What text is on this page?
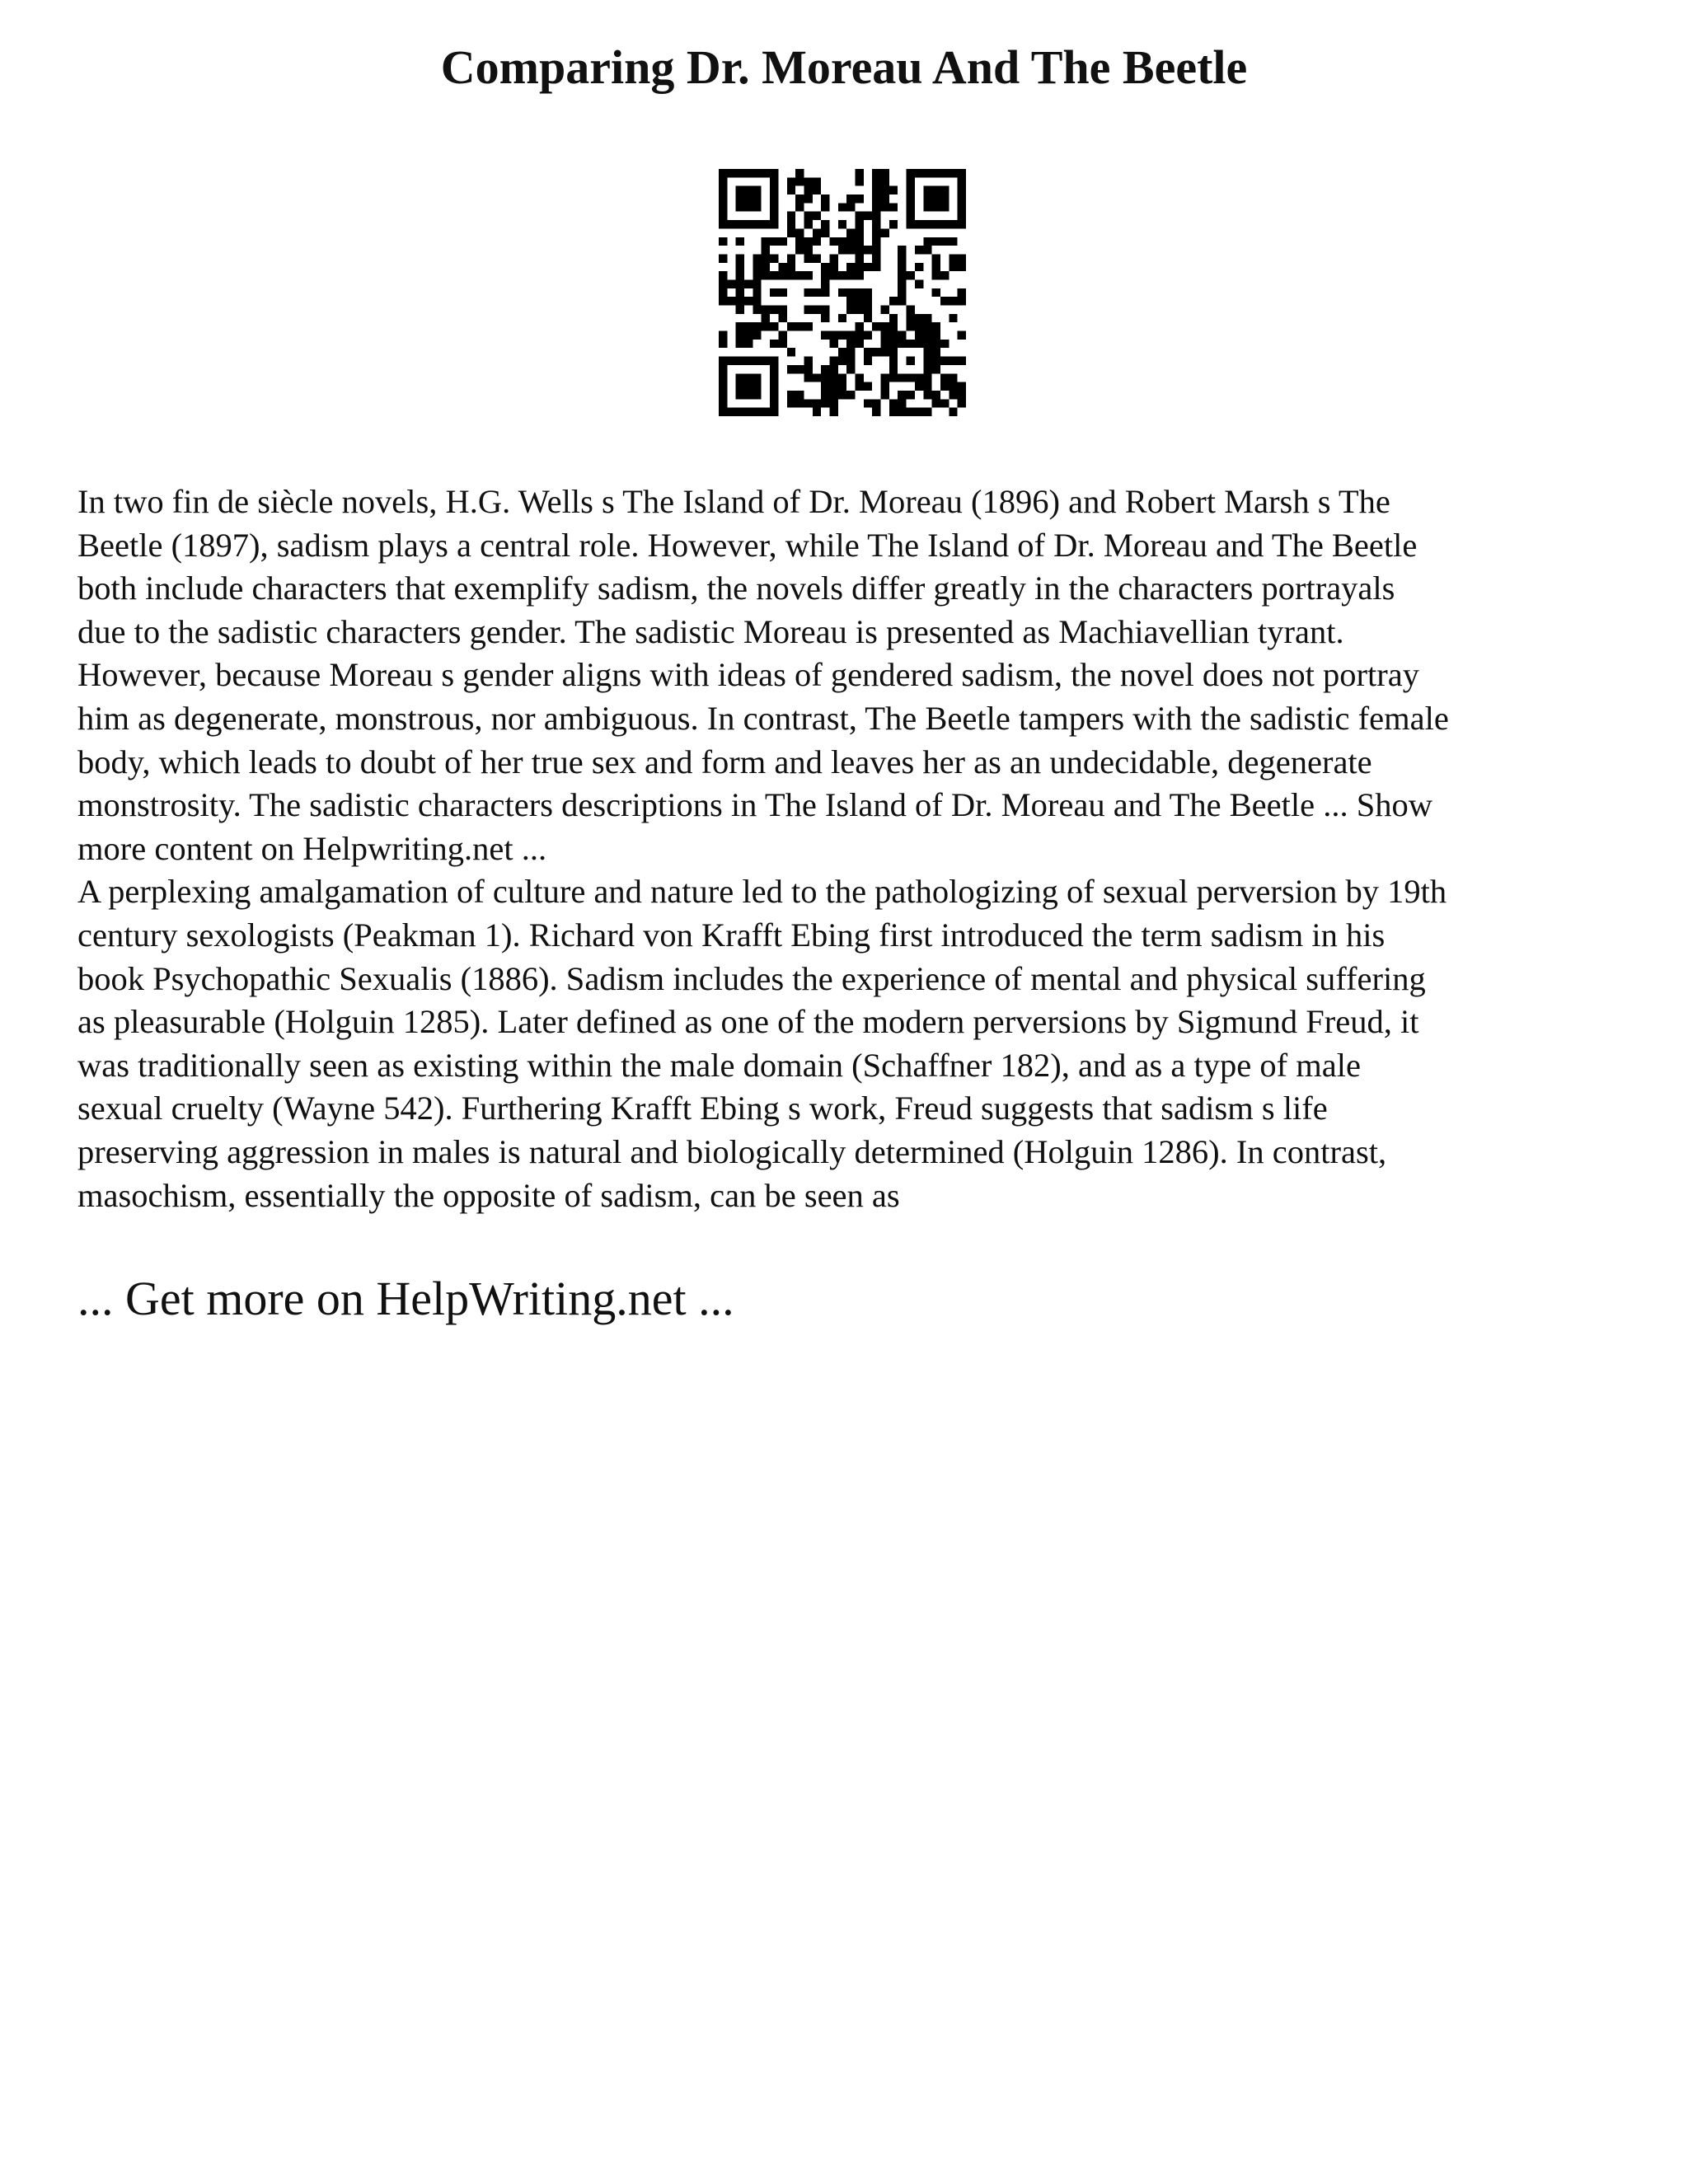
Comparing Dr. Moreau And The Beetle

In two fin de siècle novels, H.G. Wells s The Island of Dr. Moreau (1896) and Robert Marsh s The

Beetle (1897), sadism plays a central role. However, while The Island of Dr. Moreau and The Beetle

both include characters that exemplify sadism, the novels differ greatly in the characters portrayals

due to the sadistic characters gender. The sadistic Moreau is presented as Machiavellian tyrant.

However, because Moreau s gender aligns with ideas of gendered sadism, the novel does not portray

him as degenerate, monstrous, nor ambiguous. In contrast, The Beetle tampers with the sadistic female

body, which leads to doubt of her true sex and form and leaves her as an undecidable, degenerate

monstrosity. The sadistic characters descriptions in The Island of Dr. Moreau and The Beetle ... Show

more content on Helpwriting.net ...

A perplexing amalgamation of culture and nature led to the pathologizing of sexual perversion by 19th

century sexologists (Peakman 1). Richard von Krafft Ebing first introduced the term sadism in his

book Psychopathic Sexualis (1886). Sadism includes the experience of mental and physical suffering

as pleasurable (Holguin 1285). Later defined as one of the modern perversions by Sigmund Freud, it

was traditionally seen as existing within the male domain (Schaffner 182), and as a type of male

sexual cruelty (Wayne 542). Furthering Krafft Ebing s work, Freud suggests that sadism s life

preserving aggression in males is natural and biologically determined (Holguin 1286). In contrast,

masochism, essentially the opposite of sadism, can be seen as

... Get more on HelpWriting.net ...
